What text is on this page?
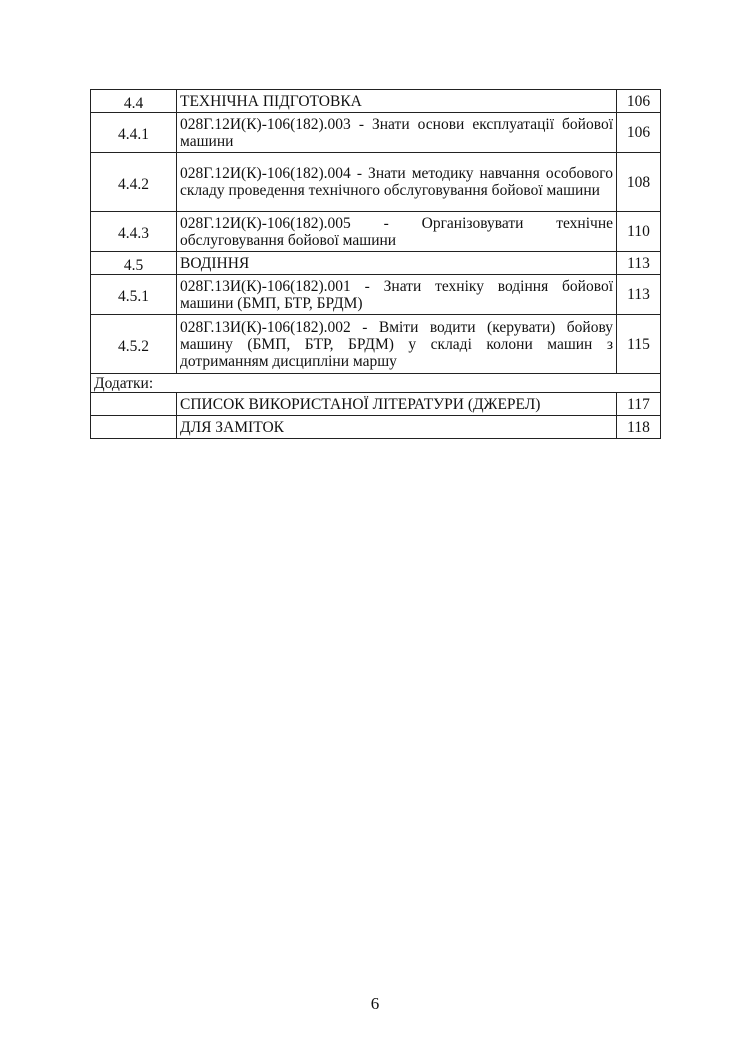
4.4	ТЕХНІЧНА ПІДГОТОВКА	106
4.4.1	028Г.12И(К)-106(182).003 - Знати основи експлуатації бойової машини	106
4.4.2	028Г.12И(К)-106(182).004 - Знати методику навчання особового складу проведення технічного обслуговування бойової машини	108
4.4.3	028Г.12И(К)-106(182).005 - Організовувати технічне обслуговування бойової машини	110
4.5	ВОДІННЯ	113
4.5.1	028Г.13И(К)-106(182).001 - Знати техніку водіння бойової машини (БМП, БТР, БРДМ)	113
4.5.2	028Г.13И(К)-106(182).002 - Вміти водити (керувати) бойову машину (БМП, БТР, БРДМ) у складі колони машин з дотриманням дисципліни маршу	115
Додатки:		
	СПИСОК ВИКОРИСТАНОЇ ЛІТЕРАТУРИ (ДЖЕРЕЛ)	117
	ДЛЯ ЗАМІТОК	118
6
